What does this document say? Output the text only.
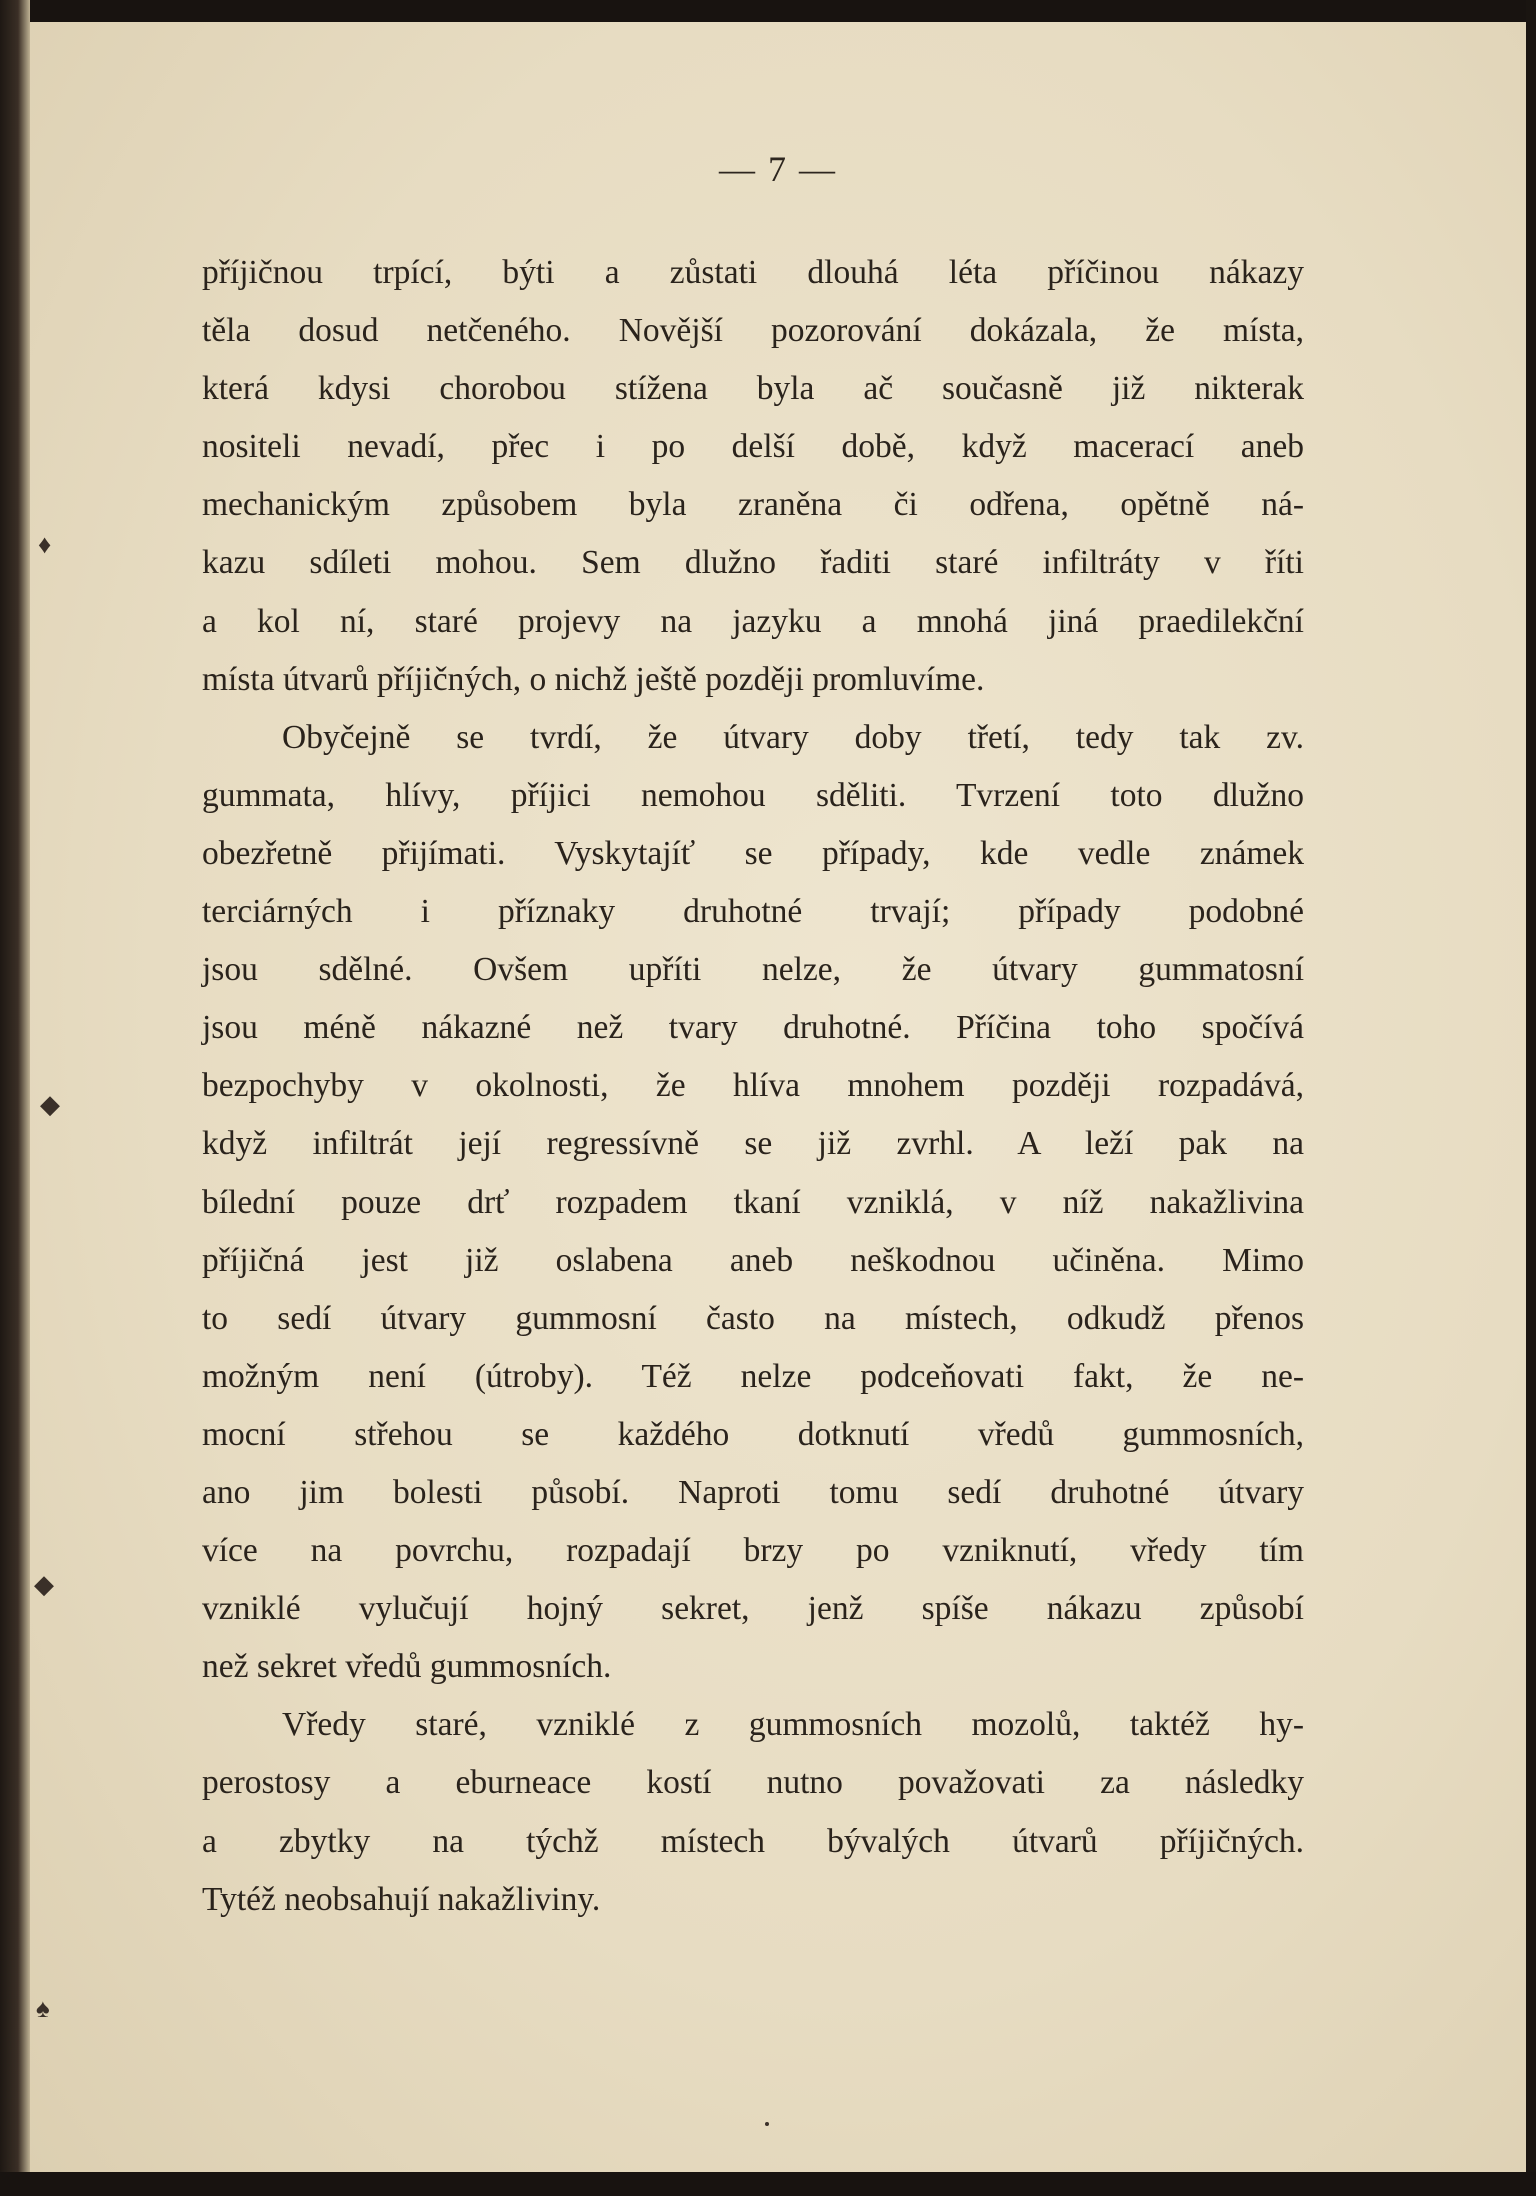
— 7 —
příjičnou trpící, býti a zůstati dlouhá léta příčinou nákazy
těla dosud netčeného. Novější pozorování dokázala, že místa,
která kdysi chorobou stížena byla ač současně již nikterak
nositeli nevadí, přec i po delší době, když macerací aneb
mechanickým způsobem byla zraněna či odřena, opětně ná-
kazu sdíleti mohou. Sem dlužno řaditi staré infiltráty v říti
a kol ní, staré projevy na jazyku a mnohá jiná praedilekční
místa útvarů příjičných, o nichž ještě později promluvíme.
Obyčejně se tvrdí, že útvary doby třetí, tedy tak zv.
gummata, hlívy, příjici nemohou sděliti. Tvrzení toto dlužno
obezřetně přijímati. Vyskytajíť se případy, kde vedle známek
terciárných i příznaky druhotné trvají; případy podobné
jsou sdělné. Ovšem upříti nelze, že útvary gummatosní
jsou méně nákazné než tvary druhotné. Příčina toho spočívá
bezpochyby v okolnosti, že hlíva mnohem později rozpadává,
když infiltrát její regressívně se již zvrhl. A leží pak na
bílední pouze drť rozpadem tkaní vzniklá, v níž nakažlivina
příjičná jest již oslabena aneb neškodnou učiněna. Mimo
to sedí útvary gummosní často na místech, odkudž přenos
možným není (útroby). Též nelze podceňovati fakt, že ne-
mocní střehou se každého dotknutí vředů gummosních,
ano jim bolesti působí. Naproti tomu sedí druhotné útvary
více na povrchu, rozpadají brzy po vzniknutí, vředy tím
vzniklé vylučují hojný sekret, jenž spíše nákazu způsobí
než sekret vředů gummosních.
Vředy staré, vzniklé z gummosních mozolů, taktéž hy-
perostosy a eburneace kostí nutno považovati za následky
a zbytky na týchž místech bývalých útvarů příjičných.
Tytéž neobsahují nakažliviny.
♦
◆
◆
♠
